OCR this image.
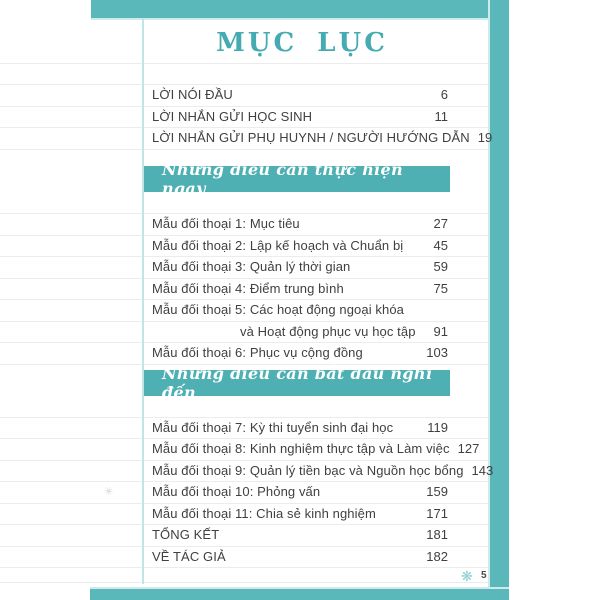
MỤC LỤC
LỜI NÓI ĐẦU	6
LỜI NHẮN GỬI HỌC SINH	11
LỜI NHẮN GỬI PHỤ HUYNH / NGƯỜI HƯỚNG DẪN 19
Những điều cần thực hiện ngay
Mẫu đối thoại 1: Mục tiêu	27
Mẫu đối thoại 2: Lập kế hoạch và Chuẩn bị 45
Mẫu đối thoại 3: Quản lý thời gian	59
Mẫu đối thoại 4: Điểm trung bình	75
Mẫu đối thoại 5: Các hoạt động ngoại khóa
và Hoạt động phục vụ học tập 91
Mẫu đối thoại 6: Phục vụ cộng đồng	103
Những điều cần bắt đầu nghĩ đến
Mẫu đối thoại 7: Kỳ thi tuyển sinh đại học	119
Mẫu đối thoại 8: Kinh nghiệm thực tập và Làm việc 127
Mẫu đối thoại 9: Quản lý tiền bạc và Nguồn học bổng 143
Mẫu đối thoại 10: Phỏng vấn	159
Mẫu đối thoại 11: Chia sẻ kinh nghiệm	171
TỔNG KẾT	181
VỀ TÁC GIẢ	182
✳
❋ 5
